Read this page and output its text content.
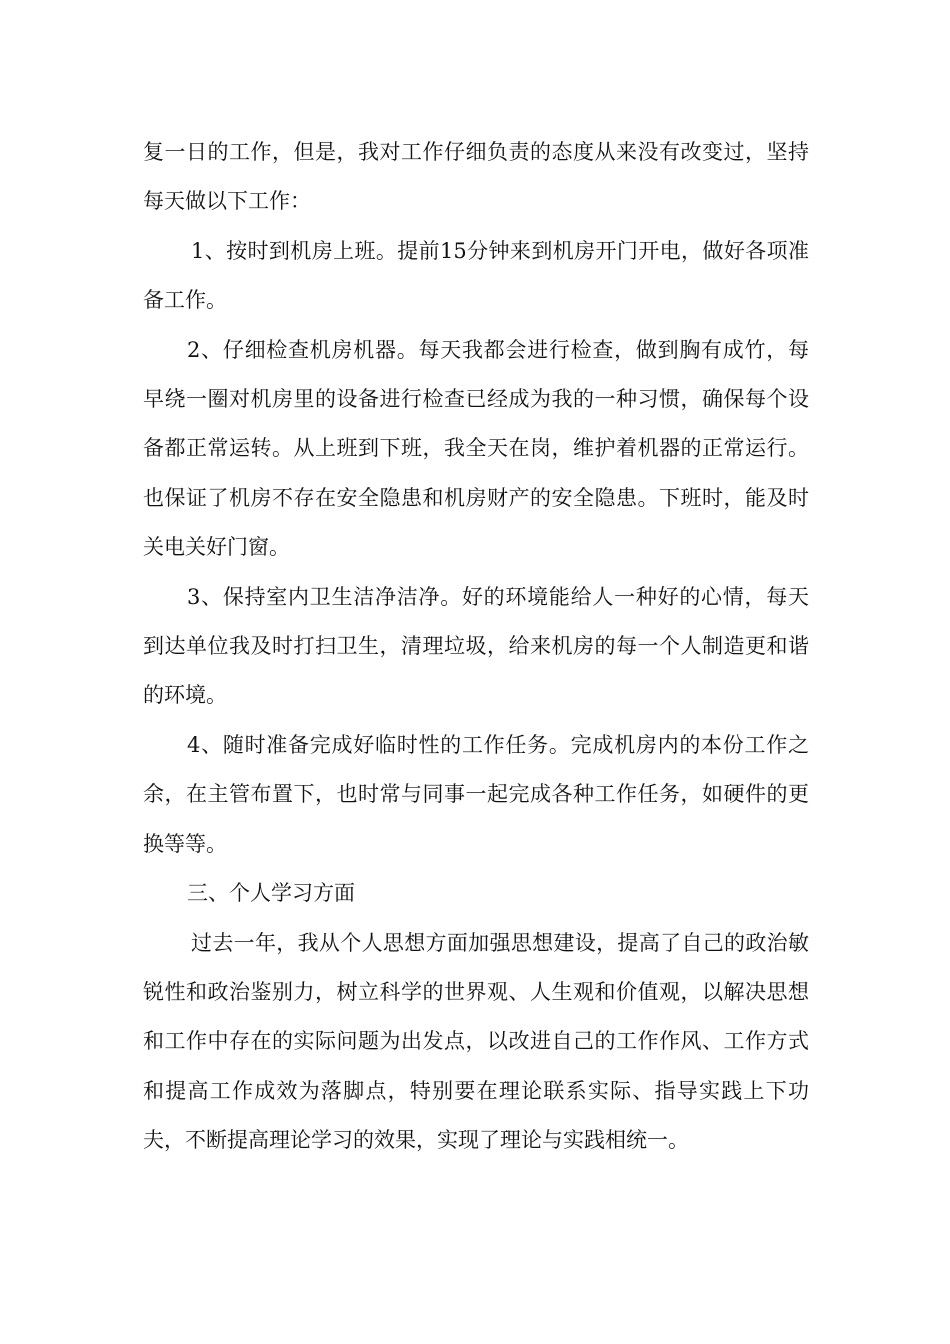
复一日的工作，但是，我对工作仔细负责的态度从来没有改变过，坚持每天做以下工作：

1、按时到机房上班。提前15分钟来到机房开门开电，做好各项准备工作。

2、仔细检查机房机器。每天我都会进行检查，做到胸有成竹，每早绕一圈对机房里的设备进行检查已经成为我的一种习惯，确保每个设备都正常运转。从上班到下班，我全天在岗，维护着机器的正常运行。也保证了机房不存在安全隐患和机房财产的安全隐患。下班时，能及时关电关好门窗。

3、保持室内卫生洁净洁净。好的环境能给人一种好的心情，每天到达单位我及时打扫卫生，清理垃圾，给来机房的每一个人制造更和谐的环境。

4、随时准备完成好临时性的工作任务。完成机房内的本份工作之余，在主管布置下，也时常与同事一起完成各种工作任务，如硬件的更换等等。

三、个人学习方面

过去一年，我从个人思想方面加强思想建设，提高了自己的政治敏锐性和政治鉴别力，树立科学的世界观、人生观和价值观，以解决思想和工作中存在的实际问题为出发点，以改进自己的工作作风、工作方式和提高工作成效为落脚点，特别要在理论联系实际、指导实践上下功夫，不断提高理论学习的效果，实现了理论与实践相统一。
